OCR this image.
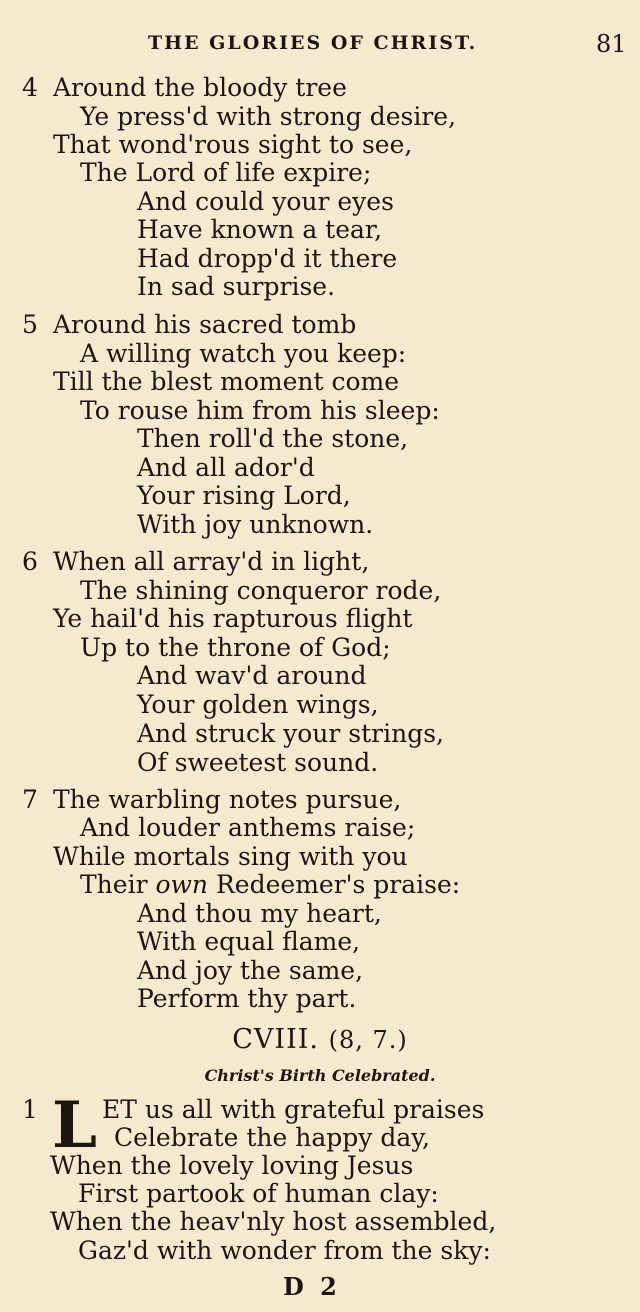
THE GLORIES OF CHRIST.	81
4 Around the bloody tree
Ye press'd with strong desire,
That wond'rous sight to see,
The Lord of life expire;
And could your eyes
Have known a tear,
Had dropp'd it there
In sad surprise.
5 Around his sacred tomb
A willing watch you keep:
Till the blest moment come
To rouse him from his sleep:
Then roll'd the stone,
And all ador'd
Your rising Lord,
With joy unknown.
6 When all array'd in light,
The shining conqueror rode,
Ye hail'd his rapturous flight
Up to the throne of God;
And wav'd around
Your golden wings,
And struck your strings,
Of sweetest sound.
7 The warbling notes pursue,
And louder anthems raise;
While mortals sing with you
Their own Redeemer's praise:
And thou my heart,
With equal flame,
And joy the same,
Perform thy part.
CVIII. (8, 7.)
Christ's Birth Celebrated.
1 L ET us all with grateful praises
Celebrate the happy day,
When the lovely loving Jesus
First partook of human clay:
When the heav'nly host assembled,
Gaz'd with wonder from the sky:
D 2
